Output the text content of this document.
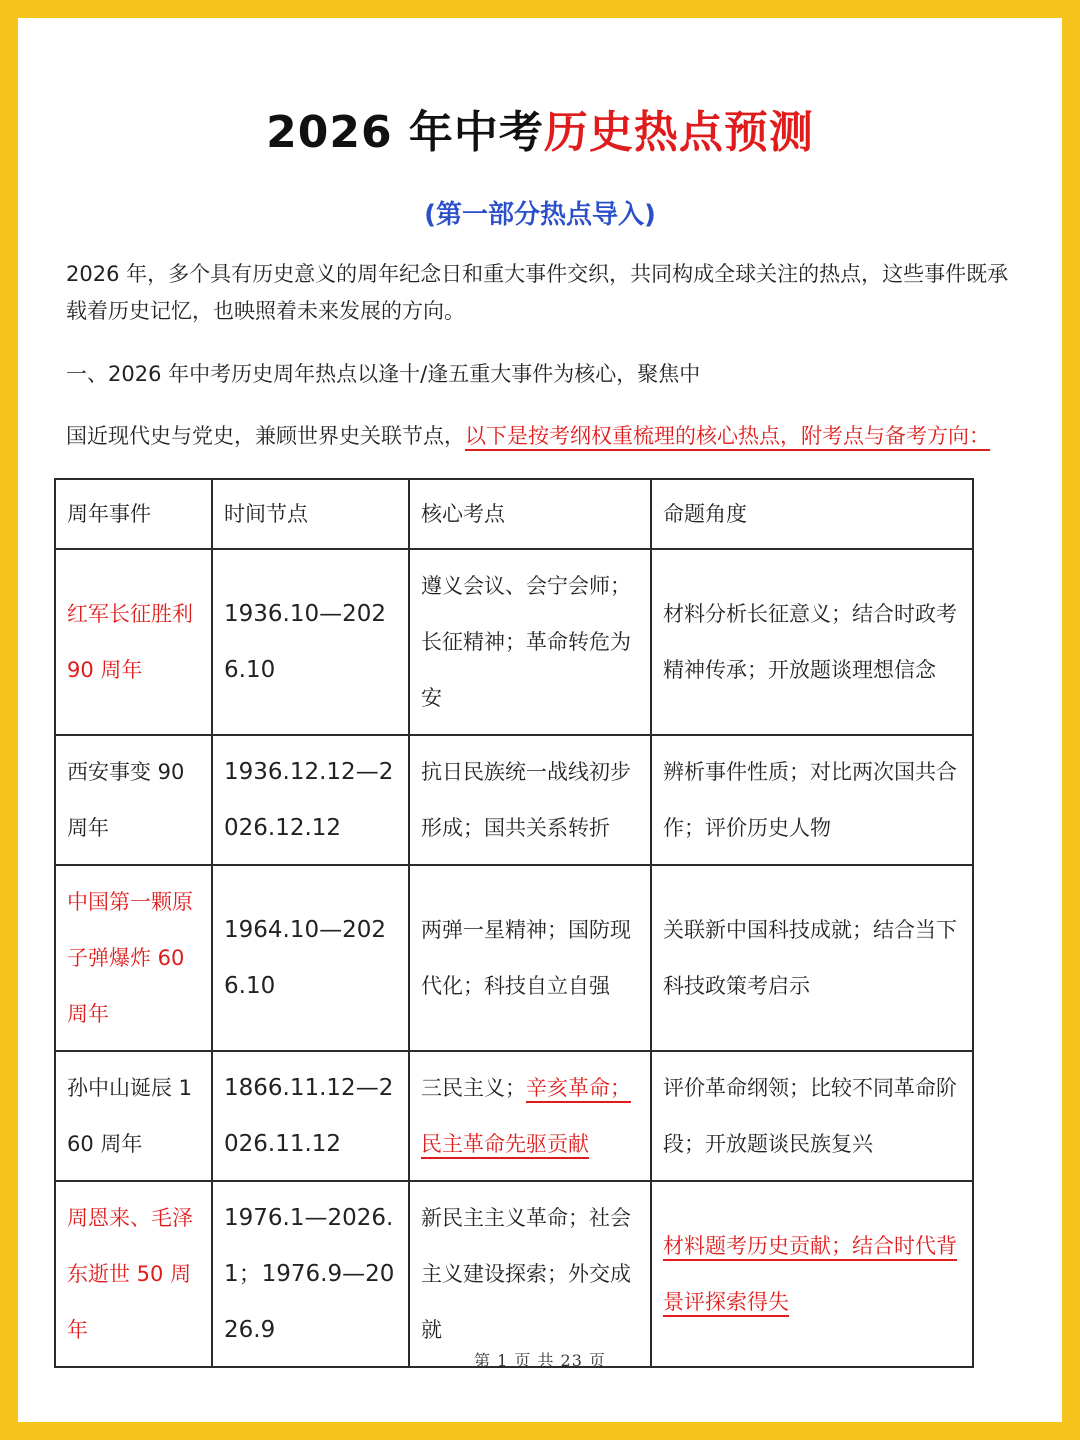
2026 年中考历史热点预测
(第一部分热点导入)
2026 年，多个具有历史意义的周年纪念日和重大事件交织，共同构成全球关注的热点，这些事件既承载着历史记忆，也映照着未来发展的方向。
一、2026 年中考历史周年热点以逢十/逢五重大事件为核心，聚焦中
国近现代史与党史，兼顾世界史关联节点，以下是按考纲权重梳理的核心热点，附考点与备考方向：
周年事件	时间节点	核心考点	命题角度
红军长征胜利 90 周年	1936.10—2026.10	遵义会议、会宁会师；长征精神；革命转危为安	材料分析长征意义；结合时政考精神传承；开放题谈理想信念
西安事变 90 周年	1936.12.12—2026.12.12	抗日民族统一战线初步形成；国共关系转折	辨析事件性质；对比两次国共合作；评价历史人物
中国第一颗原子弹爆炸 60 周年	1964.10—2026.10	两弹一星精神；国防现代化；科技自立自强	关联新中国科技成就；结合当下科技政策考启示
孙中山诞辰 160 周年	1866.11.12—2026.11.12	三民主义；辛亥革命；民主革命先驱贡献	评价革命纲领；比较不同革命阶段；开放题谈民族复兴
周恩来、毛泽东逝世 50 周年	1976.1—2026.1；1976.9—2026.9	新民主主义革命；社会主义建设探索；外交成就	材料题考历史贡献；结合时代背景评探索得失
第 1 页 共 23 页
